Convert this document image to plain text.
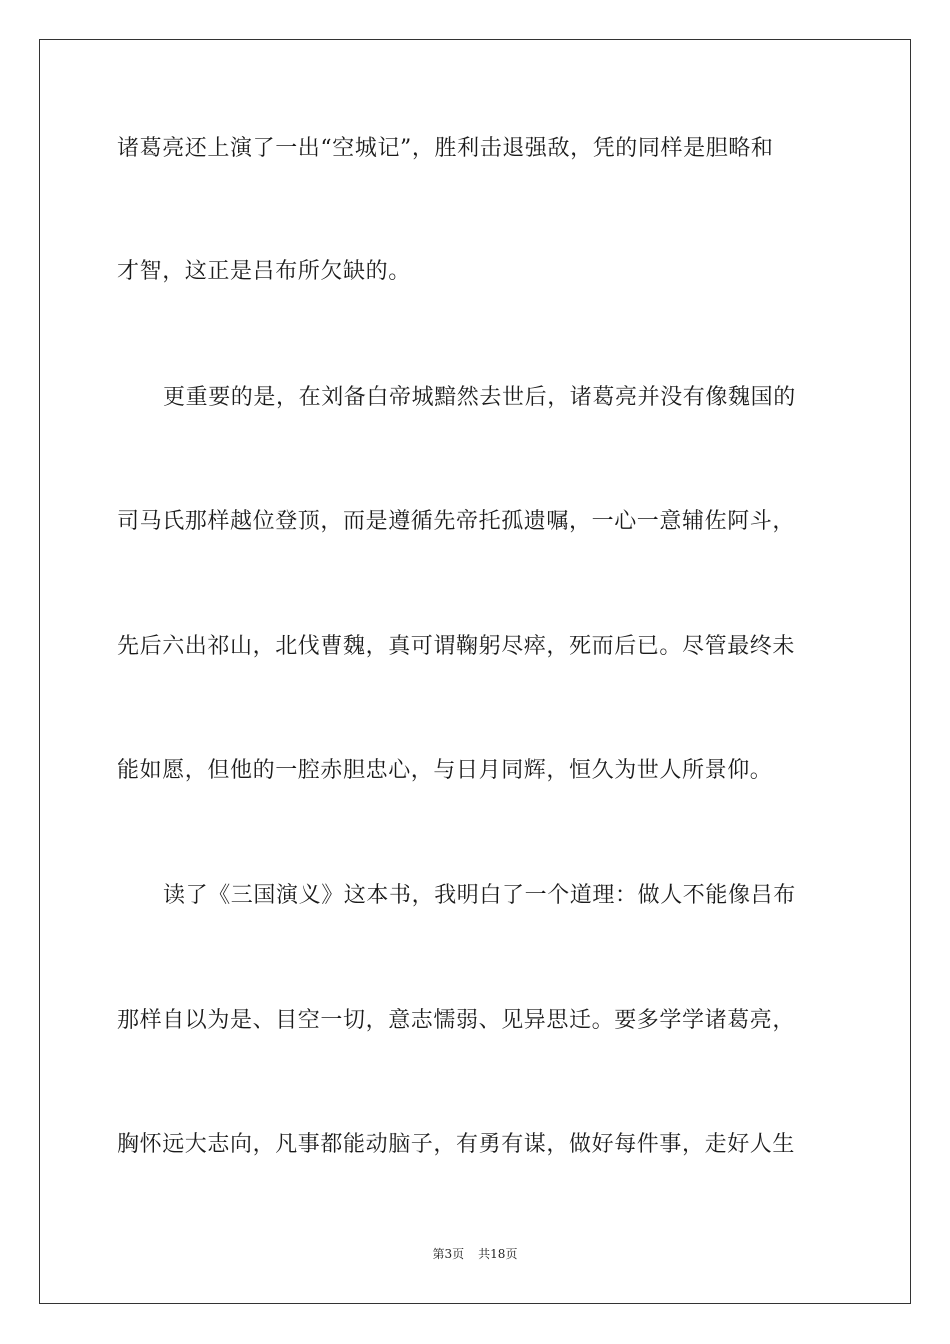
诸葛亮还上演了一出“空城记”，胜利击退强敌，凭的同样是胆略和
才智，这正是吕布所欠缺的。
更重要的是，在刘备白帝城黯然去世后，诸葛亮并没有像魏国的
司马氏那样越位登顶，而是遵循先帝托孤遗嘱，一心一意辅佐阿斗，
先后六出祁山，北伐曹魏，真可谓鞠躬尽瘁，死而后已。尽管最终未
能如愿，但他的一腔赤胆忠心，与日月同辉，恒久为世人所景仰。
读了《三国演义》这本书，我明白了一个道理：做人不能像吕布
那样自以为是、目空一切，意志懦弱、见异思迁。要多学学诸葛亮，
胸怀远大志向，凡事都能动脑子，有勇有谋，做好每件事，走好人生
第3页 共18页
